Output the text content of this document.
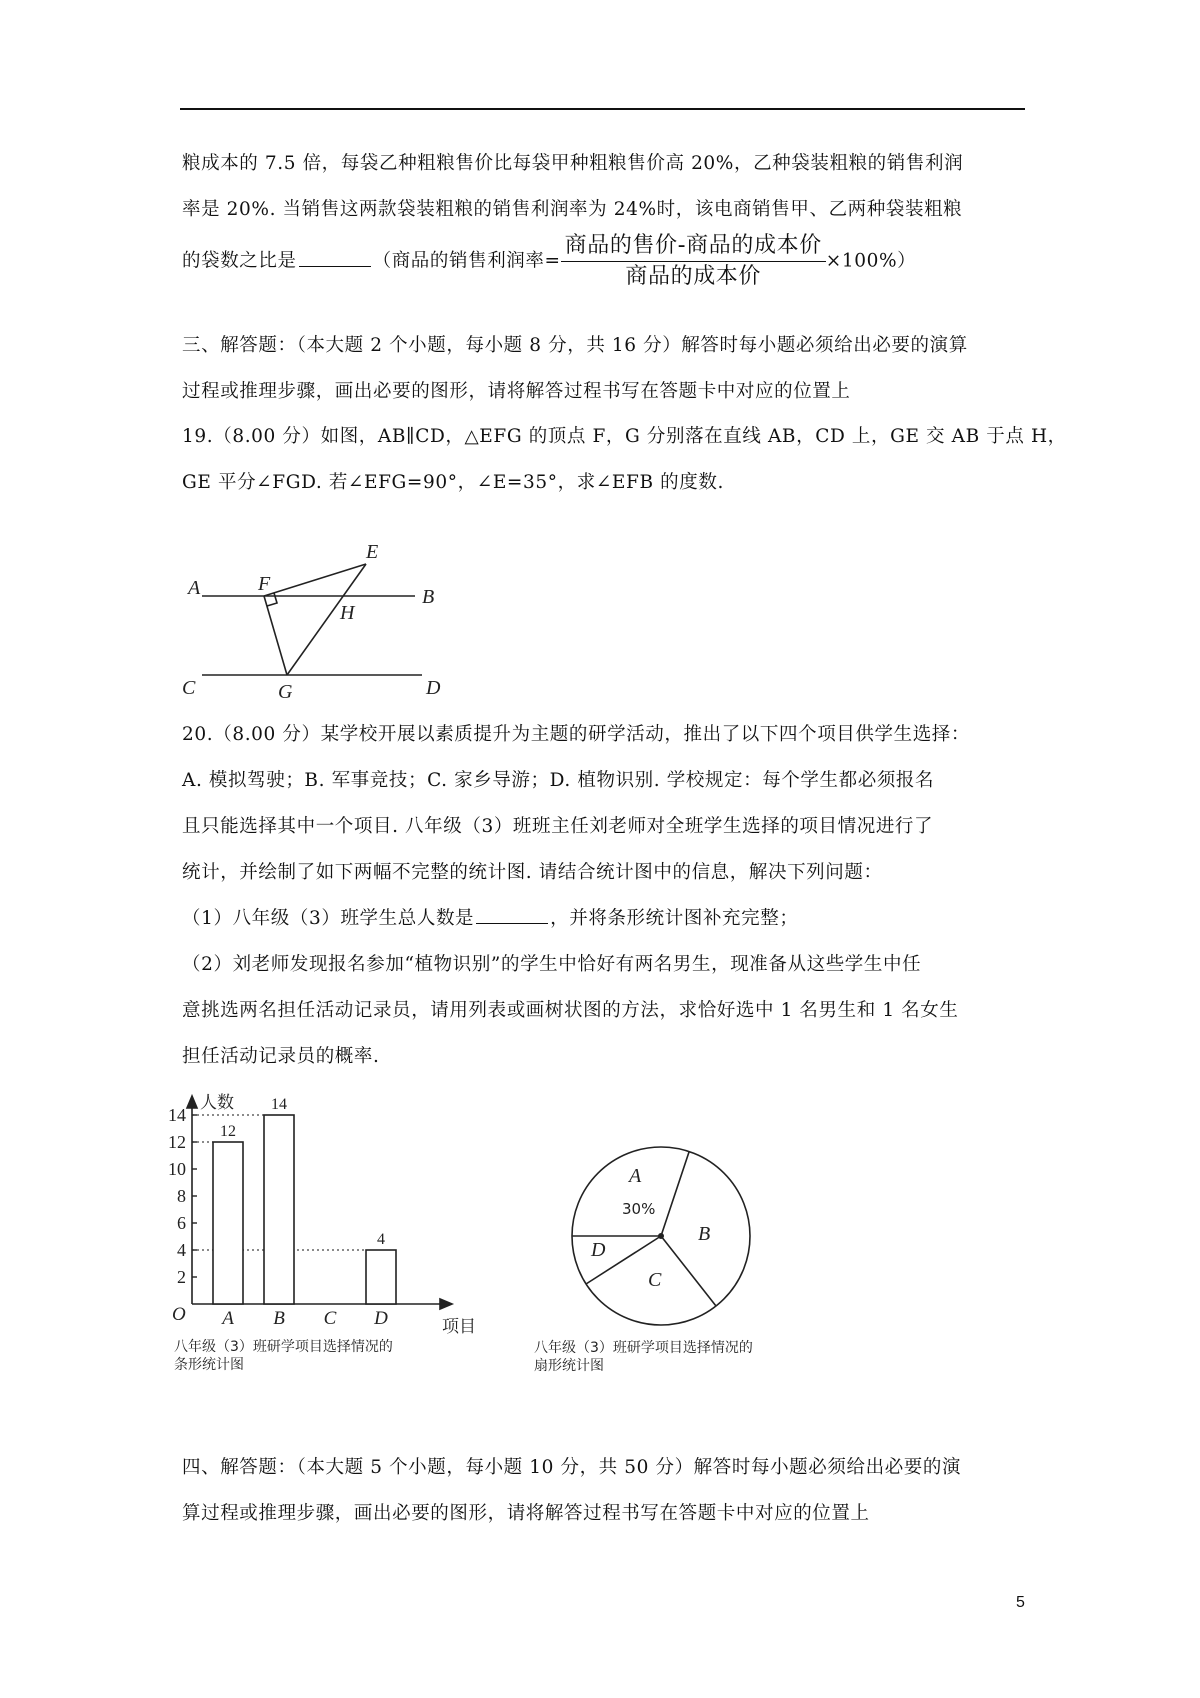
粮成本的 7.5 倍，每袋乙种粗粮售价比每袋甲种粗粮售价高 20%，乙种袋装粗粮的销售利润
率是 20%. 当销售这两款袋装粗粮的销售利润率为 24%时，该电商销售甲、乙两种袋装粗粮
的袋数之比是	（商品的销售利润率= $\frac{\text{商品的售价-商品的成本价}}{\text{商品的成本价}} \times 100\%$）
三、解答题：（本大题 2 个小题，每小题 8 分，共 16 分）解答时每小题必须给出必要的演算
过程或推理步骤，画出必要的图形，请将解答过程书写在答题卡中对应的位置上
19.（8.00 分）如图，AB∥CD，△EFG 的顶点 F，G 分别落在直线 AB，CD 上，GE 交 AB 于点 H，
GE 平分∠FGD. 若∠EFG=90°，∠E=35°，求∠EFB 的度数.
A	F
E
B
H
C	G	D
20.（8.00 分）某学校开展以素质提升为主题的研学活动，推出了以下四个项目供学生选择：
A. 模拟驾驶；B. 军事竞技；C. 家乡导游；D. 植物识别. 学校规定：每个学生都必须报名
且只能选择其中一个项目. 八年级（3）班班主任刘老师对全班学生选择的项目情况进行了
统计，并绘制了如下两幅不完整的统计图. 请结合统计图中的信息，解决下列问题：
（1）八年级（3）班学生总人数是	，并将条形统计图补充完整；
（2）刘老师发现报名参加“植物识别”的学生中恰好有两名男生，现准备从这些学生中任
意挑选两名担任活动记录员，请用列表或画树状图的方法，求恰好选中 1 名男生和 1 名女生
担任活动记录员的概率.
2
4
6
8
10
12
14
12
14
4
A B C D
人数
项目
O
八年级（3）班研学项目选择情况的
条形统计图
A
B
C
D
30%
八年级（3）班研学项目选择情况的
扇形统计图
四、解答题：（本大题 5 个小题，每小题 10 分，共 50 分）解答时每小题必须给出必要的演
算过程或推理步骤，画出必要的图形，请将解答过程书写在答题卡中对应的位置上
5
